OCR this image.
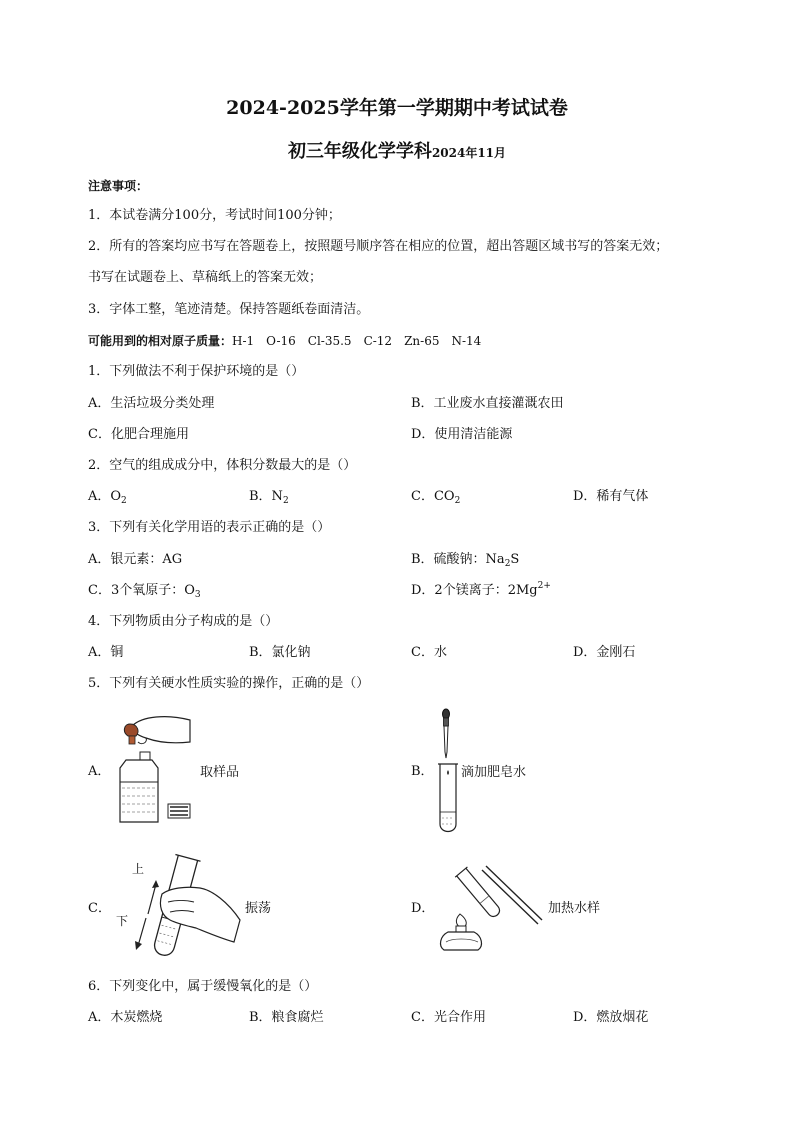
2024-2025学年第一学期期中考试试卷
初三年级化学学科2024年11月
注意事项：
1．本试卷满分100分，考试时间100分钟；
2．所有的答案均应书写在答题卷上，按照题号顺序答在相应的位置，超出答题区域书写的答案无效；
书写在试题卷上、草稿纸上的答案无效；
3．字体工整，笔迹清楚。保持答题纸卷面清洁。
可能用到的相对原子质量：H-1　O-16　Cl-35.5　C-12　Zn-65　N-14
1．下列做法不利于保护环境的是（）
A．生活垃圾分类处理	B．工业废水直接灌溉农田
C．化肥合理施用	D．使用清洁能源
2．空气的组成成分中，体积分数最大的是（）
A．$O_2$	B．$N_2$	C．$CO_2$	D．稀有气体
3．下列有关化学用语的表示正确的是（）
A．银元素：AG	B．硫酸钠：$Na_2S$
C．3个氧原子：$O_3$	D．2个镁离子：$2Mg^{2+}$
4．下列物质由分子构成的是（）
A．铜	B．氯化钠	C．水	D．金刚石
5．下列有关硬水性质实验的操作，正确的是（）
A．	取样品	B． 滴加肥皂水
C．
上
下
振荡	D．	加热水样
6．下列变化中，属于缓慢氧化的是（）
A．木炭燃烧	B．粮食腐烂	C．光合作用	D．燃放烟花
